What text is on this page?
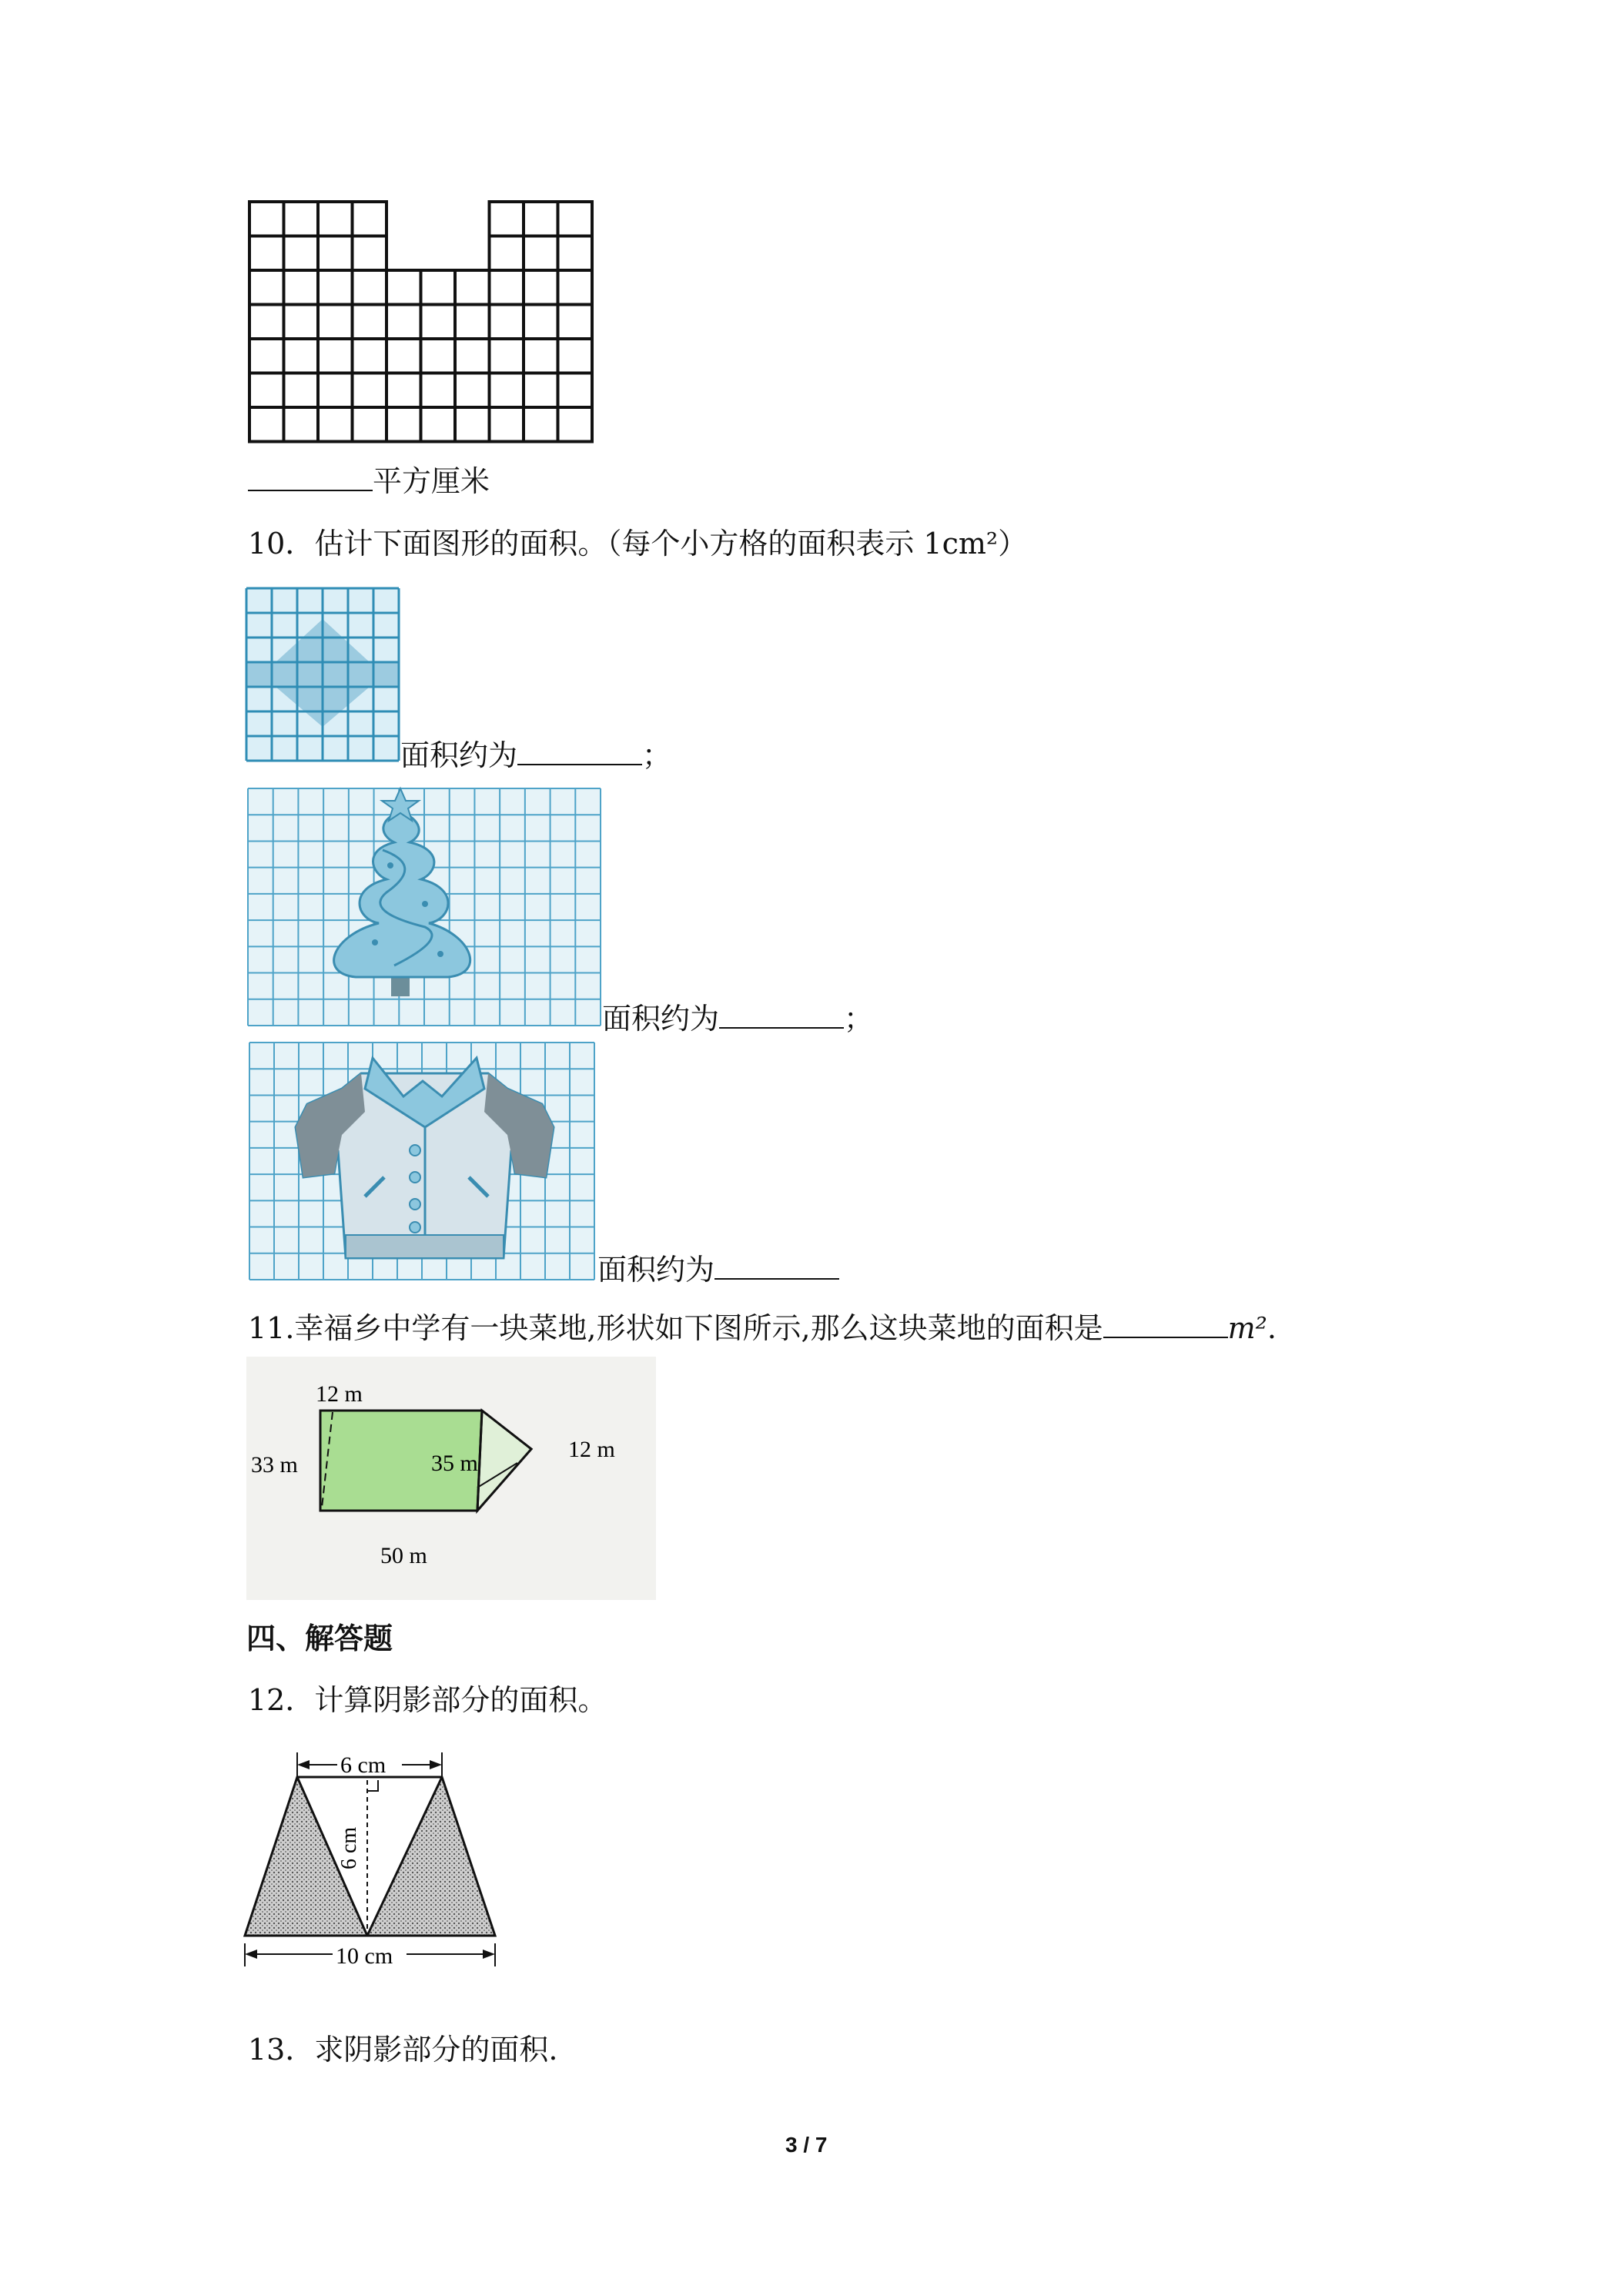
平方厘米
10．估计下面图形的面积。（每个小方格的面积表示 1cm²）
面积约为	；
面积约为	；
面积约为
11.幸福乡中学有一块菜地,形状如下图所示,那么这块菜地的面积是	m².
12 m
33 m	35 m
12 m
50 m
四、解答题
12．计算阴影部分的面积。
6 cm
6 cm
10 cm
13．求阴影部分的面积.
3 / 7
